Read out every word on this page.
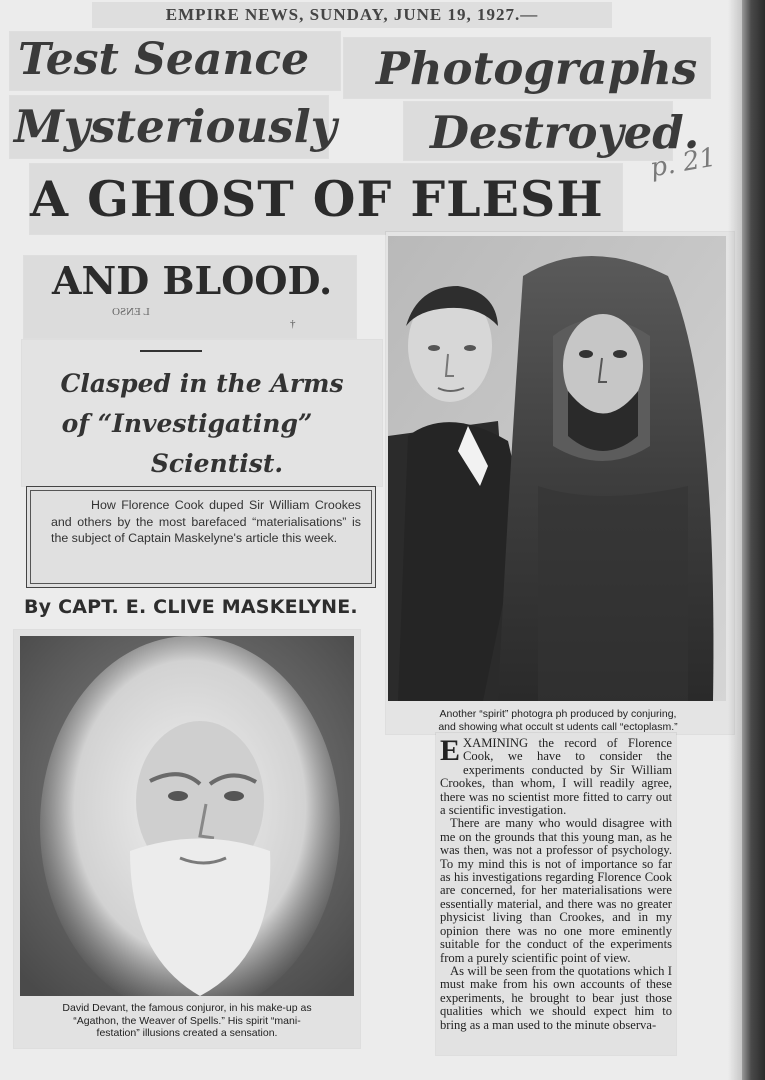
EMPIRE NEWS, SUNDAY, JUNE 19, 1927.—
Test Seance Photographs
Mysteriously Destroyed.
A GHOST OF FLESH
AND BLOOD.
L ENSO
†
p. 21
Clasped in the Arms
of “Investigating”
Scientist.
How Florence Cook duped Sir William Crookes and others by the most barefaced “materialisations” is the subject of Captain Maskelyne's article this week.
By CAPT. E. CLIVE MASKELYNE.
Another “spirit” photogra ph produced by conjuring,
and showing what occult st udents call “ectoplasm.”
David Devant, the famous conjuror, in his make-up as
“Agathon, the Weaver of Spells.” His spirit “mani-
festation” illusions created a sensation.

EXAMINING the record of Florence Cook, we have to consider the experiments conducted by Sir William Crookes, than whom, I will readily agree, there was no scientist more fitted to carry out a scientific investigation.

There are many who would disagree with me on the grounds that this young man, as he was then, was not a professor of psychology. To my mind this is not of importance so far as his investigations regarding Florence Cook are concerned, for her materialisations were essentially material, and there was no greater physicist living than Crookes, and in my opinion there was no one more eminently suitable for the conduct of the experiments from a purely scientific point of view.

As will be seen from the quotations which I must make from his own accounts of these experiments, he brought to bear just those qualities which we should expect him to bring as a man used to the minute observa-
